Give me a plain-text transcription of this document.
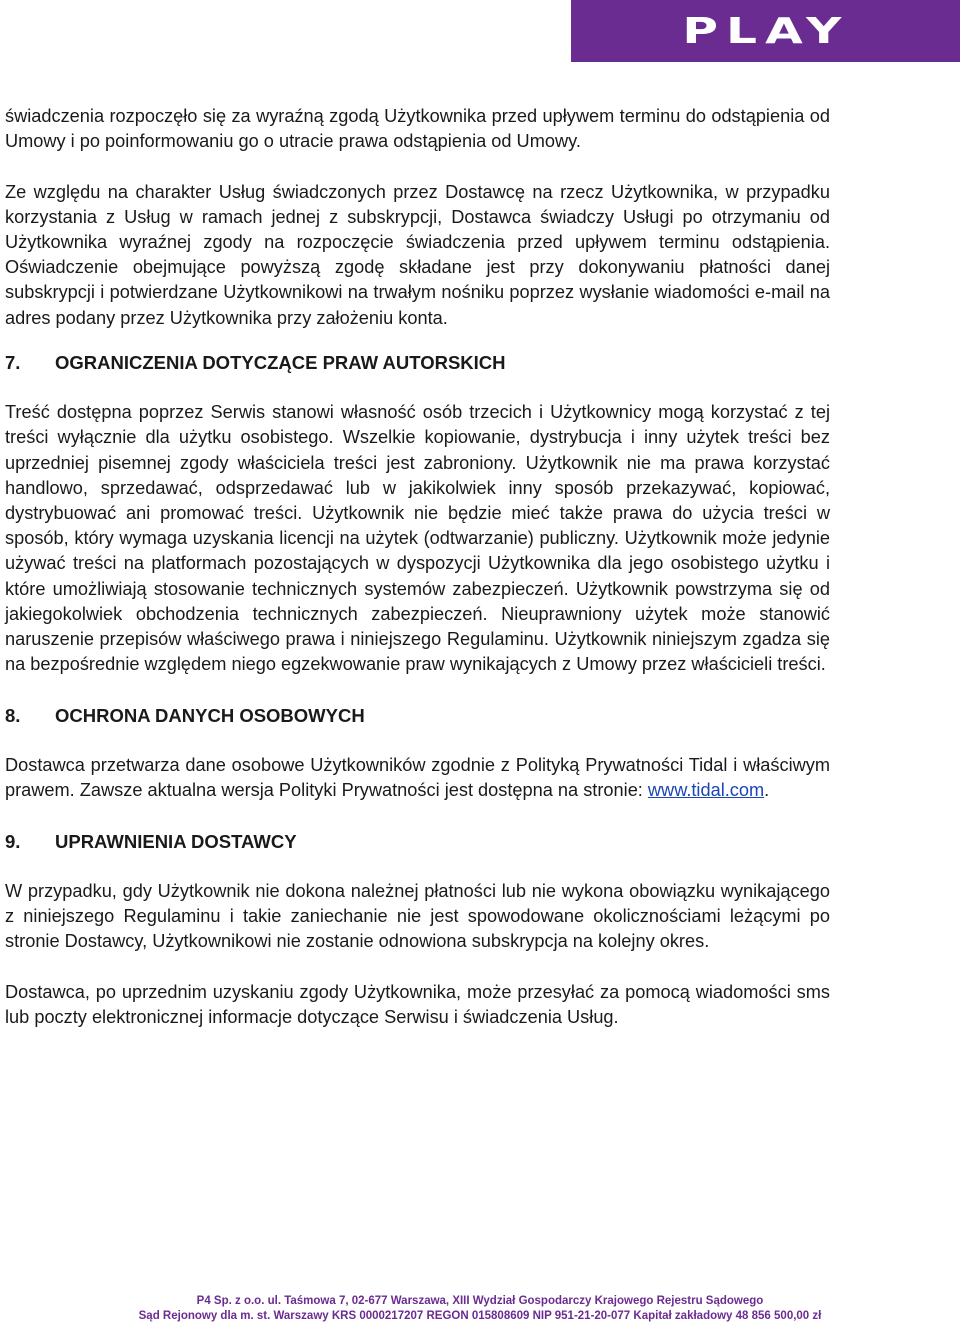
PLAY

świadczenia rozpoczęło się za wyraźną zgodą Użytkownika przed upływem terminu do odstąpienia od Umowy i po poinformowaniu go o utracie prawa odstąpienia od Umowy.

Ze względu na charakter Usług świadczonych przez Dostawcę na rzecz Użytkownika, w przypadku korzystania z Usług w ramach jednej z subskrypcji, Dostawca świadczy Usługi po otrzymaniu od Użytkownika wyraźnej zgody na rozpoczęcie świadczenia przed upływem terminu odstąpienia. Oświadczenie obejmujące powyższą zgodę składane jest przy dokonywaniu płatności danej subskrypcji i potwierdzane Użytkownikowi na trwałym nośniku poprzez wysłanie wiadomości e-mail na adres podany przez Użytkownika przy założeniu konta.

7.	OGRANICZENIA DOTYCZĄCE PRAW AUTORSKICH

Treść dostępna poprzez Serwis stanowi własność osób trzecich i Użytkownicy mogą korzystać z tej treści wyłącznie dla użytku osobistego. Wszelkie kopiowanie, dystrybucja i inny użytek treści bez uprzedniej pisemnej zgody właściciela treści jest zabroniony. Użytkownik nie ma prawa korzystać handlowo, sprzedawać, odsprzedawać lub w jakikolwiek inny sposób przekazywać, kopiować, dystrybuować ani promować treści. Użytkownik nie będzie mieć także prawa do użycia treści w sposób, który wymaga uzyskania licencji na użytek (odtwarzanie) publiczny. Użytkownik może jedynie używać treści na platformach pozostających w dyspozycji Użytkownika dla jego osobistego użytku i które umożliwiają stosowanie technicznych systemów zabezpieczeń. Użytkownik powstrzyma się od jakiegokolwiek obchodzenia technicznych zabezpieczeń. Nieuprawniony użytek może stanowić naruszenie przepisów właściwego prawa i niniejszego Regulaminu. Użytkownik niniejszym zgadza się na bezpośrednie względem niego egzekwowanie praw wynikających z Umowy przez właścicieli treści.

8.	OCHRONA DANYCH OSOBOWYCH

Dostawca przetwarza dane osobowe Użytkowników zgodnie z Polityką Prywatności Tidal i właściwym prawem. Zawsze aktualna wersja Polityki Prywatności jest dostępna na stronie: www.tidal.com.

9.	UPRAWNIENIA DOSTAWCY

W przypadku, gdy Użytkownik nie dokona należnej płatności lub nie wykona obowiązku wynikającego z niniejszego Regulaminu i takie zaniechanie nie jest spowodowane okolicznościami leżącymi po stronie Dostawcy, Użytkownikowi nie zostanie odnowiona subskrypcja na kolejny okres.

Dostawca, po uprzednim uzyskaniu zgody Użytkownika, może przesyłać za pomocą wiadomości sms lub poczty elektronicznej informacje dotyczące Serwisu i świadczenia Usług.

P4 Sp. z o.o. ul. Taśmowa 7, 02-677 Warszawa, XIII Wydział Gospodarczy Krajowego Rejestru Sądowego
Sąd Rejonowy dla m. st. Warszawy KRS 0000217207 REGON 015808609 NIP 951-21-20-077 Kapitał zakładowy 48 856 500,00 zł
